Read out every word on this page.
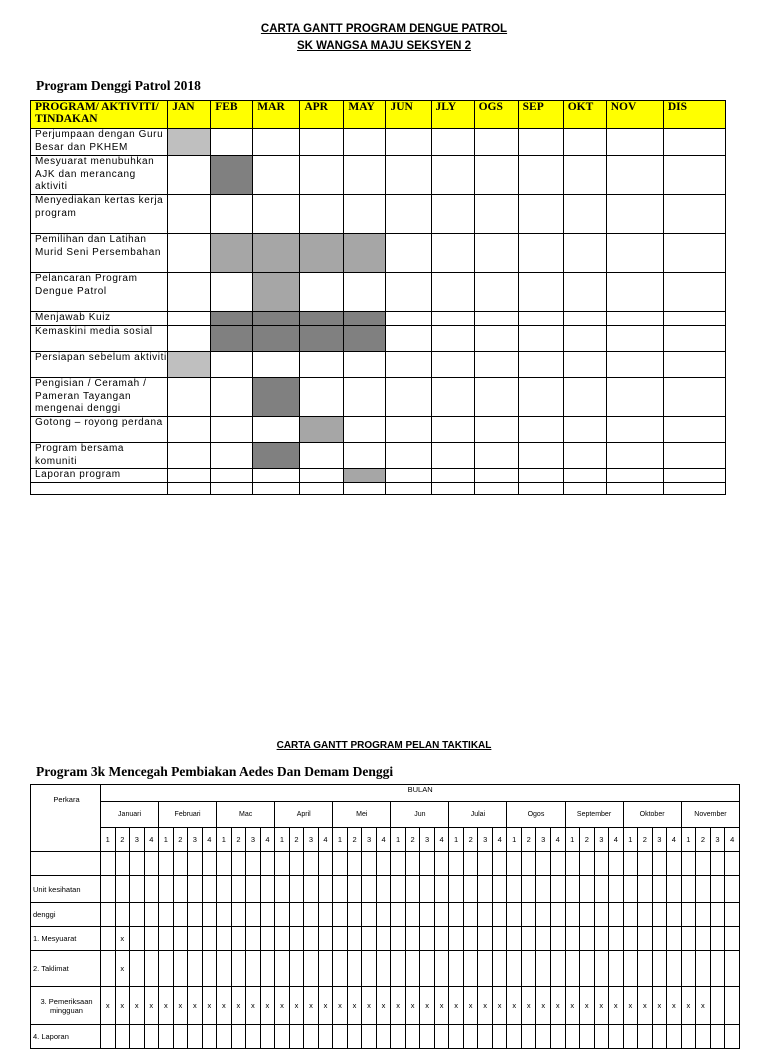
CARTA GANTT PROGRAM DENGUE PATROL
SK WANGSA MAJU SEKSYEN 2
Program Denggi Patrol 2018
PROGRAM/ AKTIVITI/ TINDAKAN	JAN	FEB	MAR	APR	MAY	JUN	JLY	OGS	SEP	OKT	NOV	DIS
Perjumpaan dengan Guru Besar dan PKHEM												
Mesyuarat menubuhkan AJK dan merancang aktiviti												
Menyediakan kertas kerja program												
Pemilihan dan Latihan Murid Seni Persembahan												
Pelancaran Program Dengue Patrol												
Menjawab Kuiz												
Kemaskini media sosial												
Persiapan sebelum aktiviti												
Pengisian / Ceramah / Pameran Tayangan mengenai denggi												
Gotong – royong perdana												
Program bersama komuniti												
Laporan program												

CARTA GANTT PROGRAM PELAN TAKTIKAL
Program 3k Mencegah Pembiakan Aedes Dan Demam Denggi
Perkara	BULAN																																											
	Januari				Februari				Mac				April				Mei				Jun				Julai				Ogos				September				Oktober				November			
	1	2	3	4	1	2	3	4	1	2	3	4	1	2	3	4	1	2	3	4	1	2	3	4	1	2	3	4	1	2	3	4	1	2	3	4	1	2	3	4	1	2	3	4

Unit kesihatan																																												
denggi																																												
1. Mesyuarat		x																																										
2. Taklimat		x																																										
3. Pemeriksaan mingguan	x	x	x	x	x	x	x	x	x	x	x	x	x	x	x	x	x	x	x	x	x	x	x	x	x	x	x	x	x	x	x	x	x	x	x	x	x	x	x	x	x	x		
4. Laporan																																												
